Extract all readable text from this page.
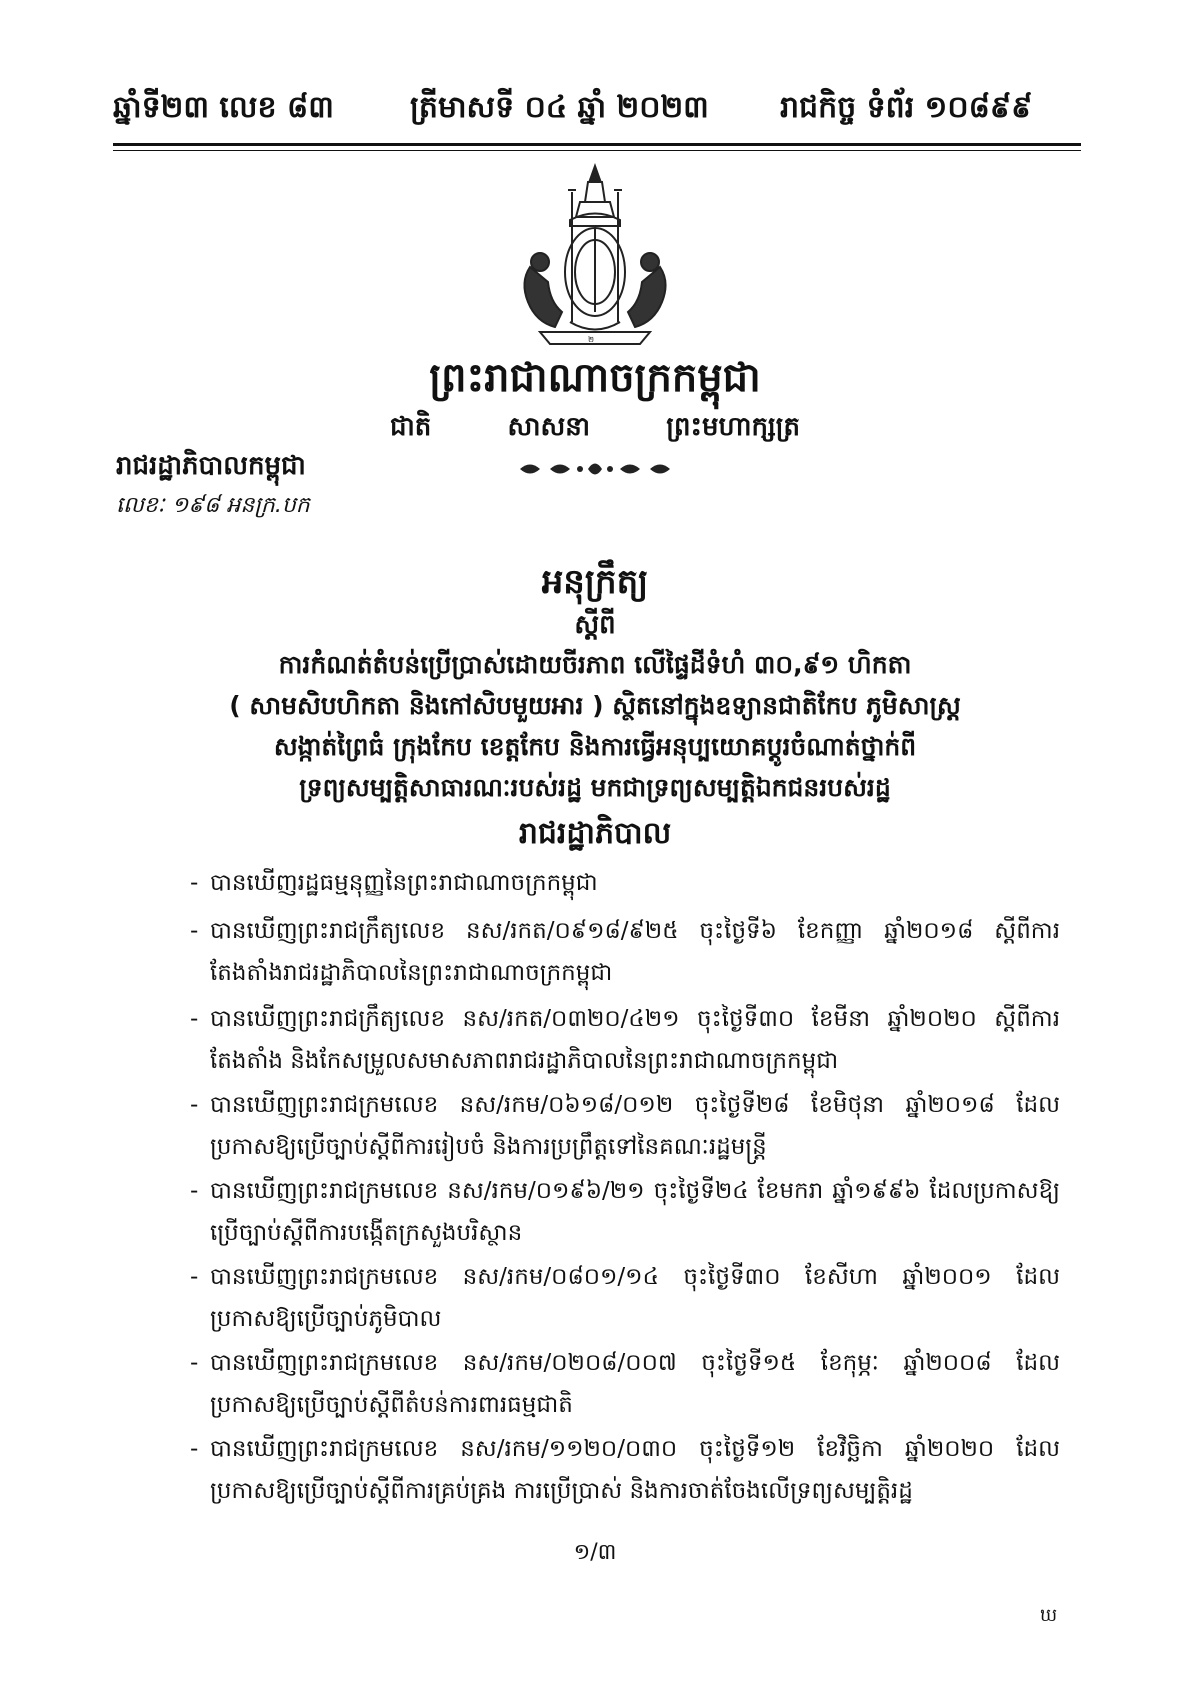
ឆ្នាំទី២៣ លេខ ៨៣	ត្រីមាសទី ០៤ ឆ្នាំ ២០២៣ រាជកិច្ច ទំព័រ ១០៨៩៩
២
ព្រះរាជាណាចក្រកម្ពុជា
ជាតិ	សាសនា	ព្រះមហាក្សត្រ
រាជរដ្ឋាភិបាលកម្ពុជា
លេខៈ ១៩៨ អនក្រ.បក
អនុក្រឹត្យ
ស្តីពី
ការកំណត់តំបន់ប្រើប្រាស់ដោយចីរភាព លើផ្ទៃដីទំហំ ៣០,៩១ ហិកតា
( សាមសិបហិកតា និងកៅសិបមួយអារ ) ស្ថិតនៅក្នុងឧទ្យានជាតិកែប ភូមិសាស្ត្រ
សង្កាត់ព្រៃធំ ក្រុងកែប ខេត្តកែប និងការធ្វើអនុប្បយោគប្តូរចំណាត់ថ្នាក់ពី
ទ្រព្យសម្បត្តិសាធារណៈរបស់រដ្ឋ មកជាទ្រព្យសម្បត្តិឯកជនរបស់រដ្ឋ
រាជរដ្ឋាភិបាល
- បានឃើញរដ្ឋធម្មនុញ្ញនៃព្រះរាជាណាចក្រកម្ពុជា
- បានឃើញព្រះរាជក្រឹត្យលេខ នស/រកត/០៩១៨/៩២៥ ចុះថ្ងៃទី៦ ខែកញ្ញា ឆ្នាំ២០១៨ ស្តីពីការតែងតាំងរាជរដ្ឋាភិបាលនៃព្រះរាជាណាចក្រកម្ពុជា
- បានឃើញព្រះរាជក្រឹត្យលេខ នស/រកត/០៣២០/៤២១ ចុះថ្ងៃទី៣០ ខែមីនា ឆ្នាំ២០២០ ស្តីពីការតែងតាំង និងកែសម្រួលសមាសភាពរាជរដ្ឋាភិបាលនៃព្រះរាជាណាចក្រកម្ពុជា
- បានឃើញព្រះរាជក្រមលេខ នស/រកម/០៦១៨/០១២ ចុះថ្ងៃទី២៨ ខែមិថុនា ឆ្នាំ២០១៨ ដែលប្រកាសឱ្យប្រើច្បាប់ស្តីពីការរៀបចំ និងការប្រព្រឹត្តទៅនៃគណៈរដ្ឋមន្ត្រី
- បានឃើញព្រះរាជក្រមលេខ នស/រកម/០១៩៦/២១ ចុះថ្ងៃទី២៤ ខែមករា ឆ្នាំ១៩៩៦ ដែលប្រកាសឱ្យប្រើច្បាប់ស្តីពីការបង្កើតក្រសួងបរិស្ថាន
- បានឃើញព្រះរាជក្រមលេខ នស/រកម/០៨០១/១៤ ចុះថ្ងៃទី៣០ ខែសីហា ឆ្នាំ២០០១ ដែលប្រកាសឱ្យប្រើច្បាប់ភូមិបាល
- បានឃើញព្រះរាជក្រមលេខ នស/រកម/០២០៨/០០៧ ចុះថ្ងៃទី១៥ ខែកុម្ភៈ ឆ្នាំ២០០៨ ដែលប្រកាសឱ្យប្រើច្បាប់ស្តីពីតំបន់ការពារធម្មជាតិ
- បានឃើញព្រះរាជក្រមលេខ នស/រកម/១១២០/០៣០ ចុះថ្ងៃទី១២ ខែវិច្ឆិកា ឆ្នាំ២០២០ ដែលប្រកាសឱ្យប្រើច្បាប់ស្តីពីការគ្រប់គ្រង ការប្រើប្រាស់ និងការចាត់ចែងលើទ្រព្យសម្បត្តិរដ្ឋ
១/៣
ឃ
